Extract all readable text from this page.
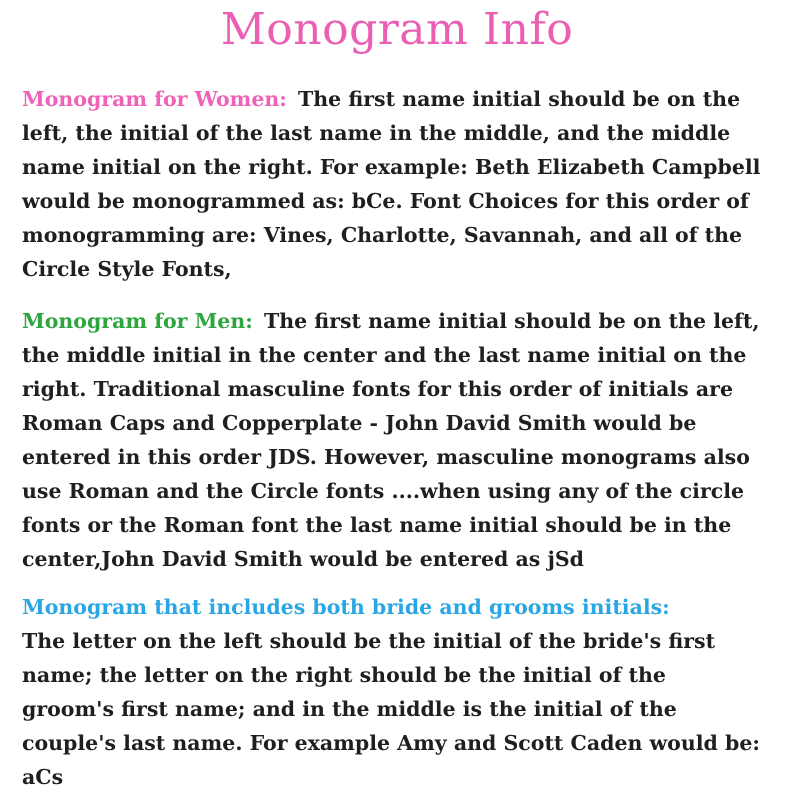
Monogram Info
Monogram for Women: The first name initial should be on the left, the initial of the last name in the middle, and the middle name initial on the right. For example: Beth Elizabeth Campbell would be monogrammed as: bCe. Font Choices for this order of monogramming are: Vines, Charlotte, Savannah, and all of the Circle Style Fonts,
Monogram for Men: The first name initial should be on the left, the middle initial in the center and the last name initial on the right. Traditional masculine fonts for this order of initials are Roman Caps and Copperplate - John David Smith would be entered in this order JDS. However, masculine monograms also use Roman and the Circle fonts ....when using any of the circle fonts or the Roman font the last name initial should be in the center,John David Smith would be entered as jSd
Monogram that includes both bride and grooms initials:
The letter on the left should be the initial of the bride's first name; the letter on the right should be the initial of the groom's first name; and in the middle is the initial of the couple's last name. For example Amy and Scott Caden would be: aCs
